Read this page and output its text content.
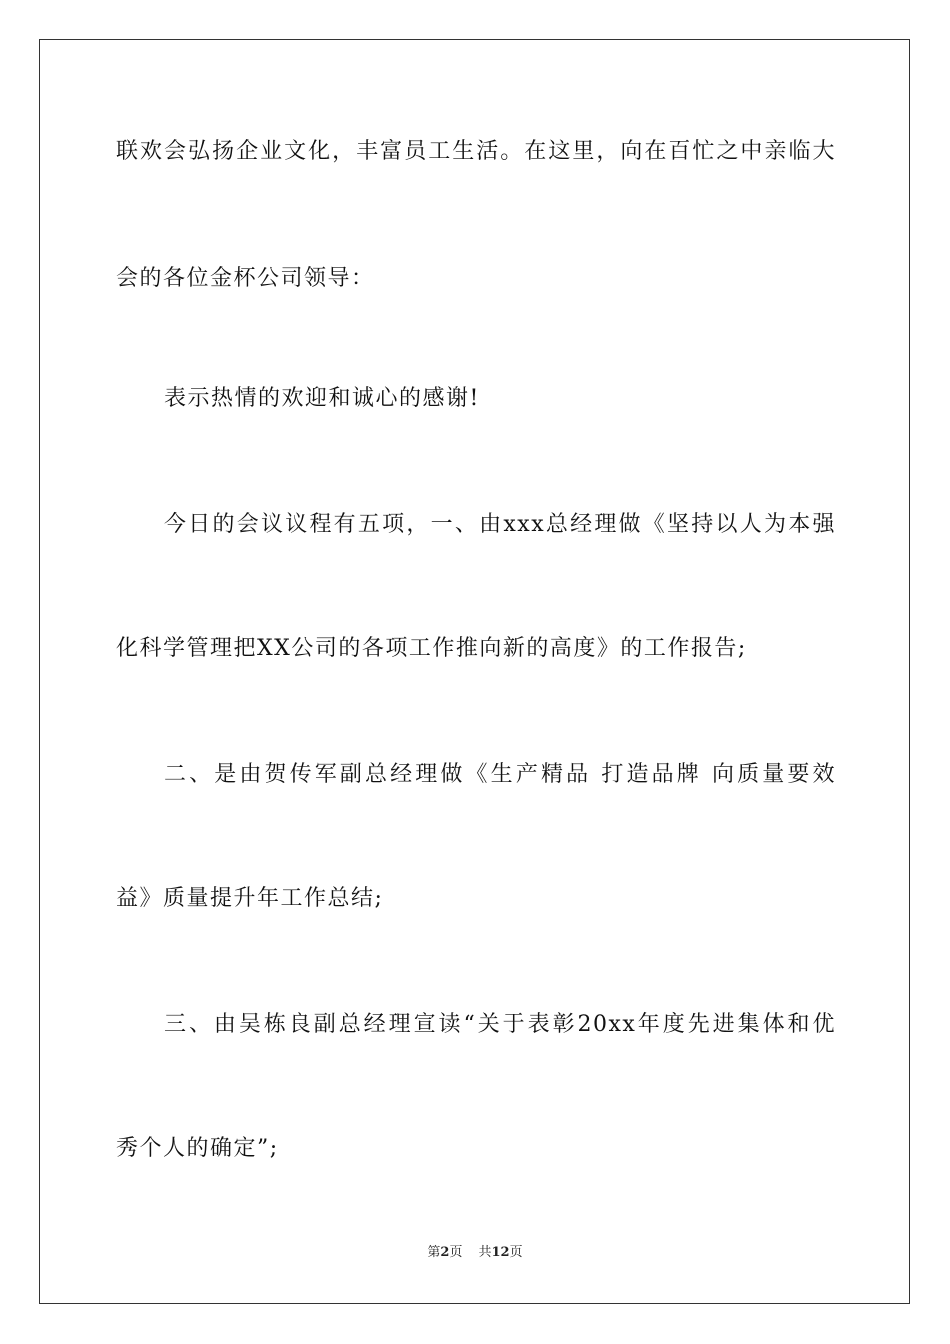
联欢会弘扬企业文化，丰富员工生活。在这里，向在百忙之中亲临大
会的各位金杯公司领导：
表示热情的欢迎和诚心的感谢!
今日的会议议程有五项，一、由xxx总经理做《坚持以人为本强
化科学管理把XX公司的各项工作推向新的高度》的工作报告;
二、是由贺传军副总经理做《生产精品 打造品牌 向质量要效
益》质量提升年工作总结;
三、由吴栋良副总经理宣读“关于表彰20xx年度先进集体和优
秀个人的确定”;
第2页 共12页
